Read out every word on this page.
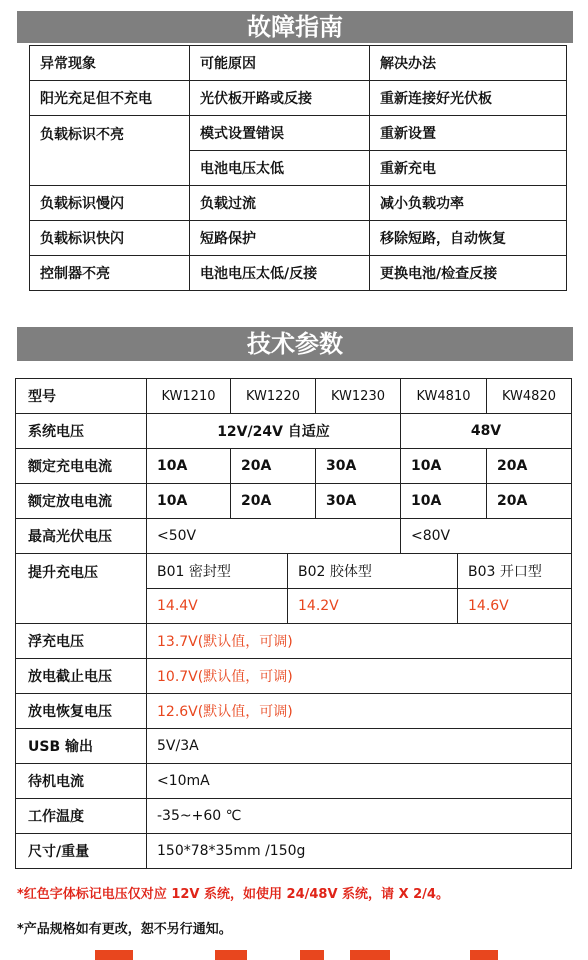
故障指南
异常现象	可能原因	解决办法
阳光充足但不充电	光伏板开路或反接	重新连接好光伏板
负载标识不亮	模式设置错误	重新设置
	电池电压太低	重新充电
负载标识慢闪	负载过流	减小负载功率
负载标识快闪	短路保护	移除短路，自动恢复
控制器不亮	电池电压太低/反接	更换电池/检查反接
技术参数
型号	KW1210	KW1220		KW1230	KW4810		KW4820
系统电压	12V/24V 自适应				48V		
额定充电电流	10A	20A		30A	10A		20A
额定放电电流	10A	20A		30A	10A		20A
最高光伏电压	<50V				<80V		
提升充电压	B01 密封型		B02 胶体型			B03 开口型	
	14.4V		14.2V			14.6V	
浮充电压	13.7V(默认值，可调)						
放电截止电压	10.7V(默认值，可调)						
放电恢复电压	12.6V(默认值，可调)						
USB 输出	5V/3A						
待机电流	<10mA						
工作温度	-35~+60 ℃						
尺寸/重量	150*78*35mm /150g						
*红色字体标记电压仅对应 12V 系统，如使用 24/48V 系统，请 X 2/4。
*产品规格如有更改，恕不另行通知。
